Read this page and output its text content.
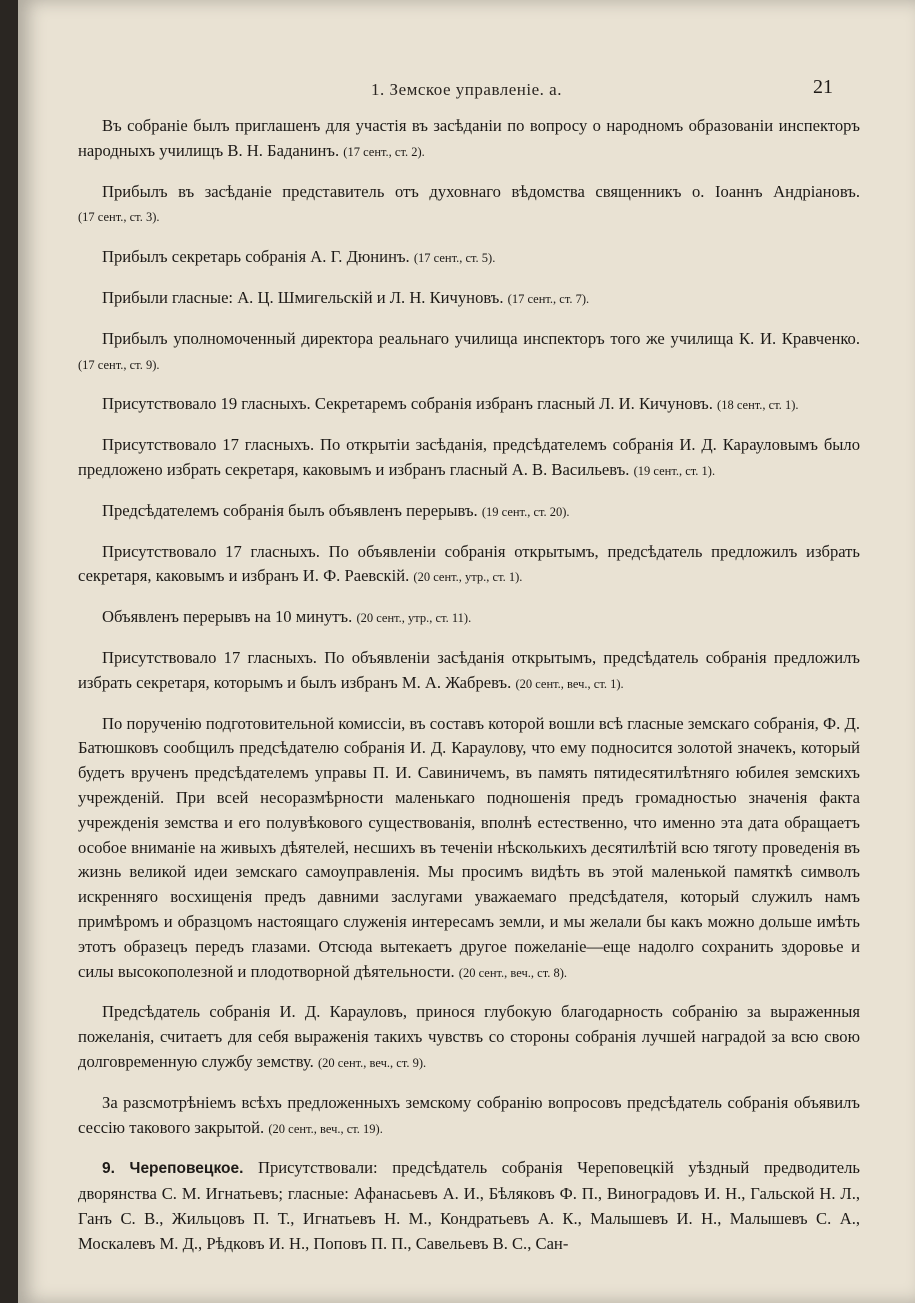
1. Земское управленіе. а.	21

Въ собраніе былъ приглашенъ для участія въ засѣданіи по вопросу о народномъ образованіи инспекторъ народныхъ училищъ В. Н. Баданинъ. (17 сент., ст. 2).

Прибылъ въ засѣданіе представитель отъ духовнаго вѣдомства священникъ о. Іоаннъ Андріановъ. (17 сент., ст. 3).

Прибылъ секретарь собранія А. Г. Дюнинъ. (17 сент., ст. 5).

Прибыли гласные: А. Ц. Шмигельскій и Л. Н. Кичуновъ. (17 сент., ст. 7).

Прибылъ уполномоченный директора реальнаго училища инспекторъ того же училища К. И. Кравченко. (17 сент., ст. 9).

Присутствовало 19 гласныхъ. Секретаремъ собранія избранъ гласный Л. И. Кичуновъ. (18 сент., ст. 1).

Присутствовало 17 гласныхъ. По открытіи засѣданія, предсѣдателемъ собранія И. Д. Карауловымъ было предложено избрать секретаря, каковымъ и избранъ гласный А. В. Васильевъ. (19 сент., ст. 1).

Предсѣдателемъ собранія былъ объявленъ перерывъ. (19 сент., ст. 20).

Присутствовало 17 гласныхъ. По объявленіи собранія открытымъ, предсѣдатель предложилъ избрать секретаря, каковымъ и избранъ И. Ф. Раевскій. (20 сент., утр., ст. 1).

Объявленъ перерывъ на 10 минутъ. (20 сент., утр., ст. 11).

Присутствовало 17 гласныхъ. По объявленіи засѣданія открытымъ, предсѣдатель собранія предложилъ избрать секретаря, которымъ и былъ избранъ М. А. Жабревъ. (20 сент., веч., ст. 1).

По порученію подготовительной комиссіи, въ составъ которой вошли всѣ гласные земскаго собранія, Ф. Д. Батюшковъ сообщилъ предсѣдателю собранія И. Д. Караулову, что ему подносится золотой значекъ, который будетъ врученъ предсѣдателемъ управы П. И. Савиничемъ, въ память пятидесятилѣтняго юбилея земскихъ учрежденій. При всей несоразмѣрности маленькаго подношенія предъ громадностью значенія факта учрежденія земства и его полувѣкового существованія, вполнѣ естественно, что именно эта дата обращаетъ особое вниманіе на живыхъ дѣятелей, несшихъ въ теченіи нѣсколькихъ десятилѣтій всю тяготу проведенія въ жизнь великой идеи земскаго самоуправленія. Мы просимъ видѣть въ этой маленькой памяткѣ символъ искренняго восхищенія предъ давними заслугами уважаемаго предсѣдателя, который служилъ намъ примѣромъ и образцомъ настоящаго служенія интересамъ земли, и мы желали бы какъ можно дольше имѣть этотъ образецъ передъ глазами. Отсюда вытекаетъ другое пожеланіе—еще надолго сохранить здоровье и силы высокополезной и плодотворной дѣятельности. (20 сент., веч., ст. 8).

Предсѣдатель собранія И. Д. Карауловъ, принося глубокую благодарность собранію за выраженныя пожеланія, считаетъ для себя выраженія такихъ чувствъ со стороны собранія лучшей наградой за всю свою долговременную службу земству. (20 сент., веч., ст. 9).

За разсмотрѣніемъ всѣхъ предложенныхъ земскому собранію вопросовъ предсѣдатель собранія объявилъ сессію такового закрытой. (20 сент., веч., ст. 19).

9. Череповецкое. Присутствовали: предсѣдатель собранія Череповецкій уѣздный предводитель дворянства С. М. Игнатьевъ; гласные: Афанасьевъ А. И., Бѣляковъ Ф. П., Виноградовъ И. Н., Гальской Н. Л., Ганъ С. В., Жильцовъ П. Т., Игнатьевъ Н. М., Кондратьевъ А. К., Малышевъ И. Н., Малышевъ С. А., Москалевъ М. Д., Рѣдковъ И. Н., Поповъ П. П., Савельевъ В. С., Сан-
